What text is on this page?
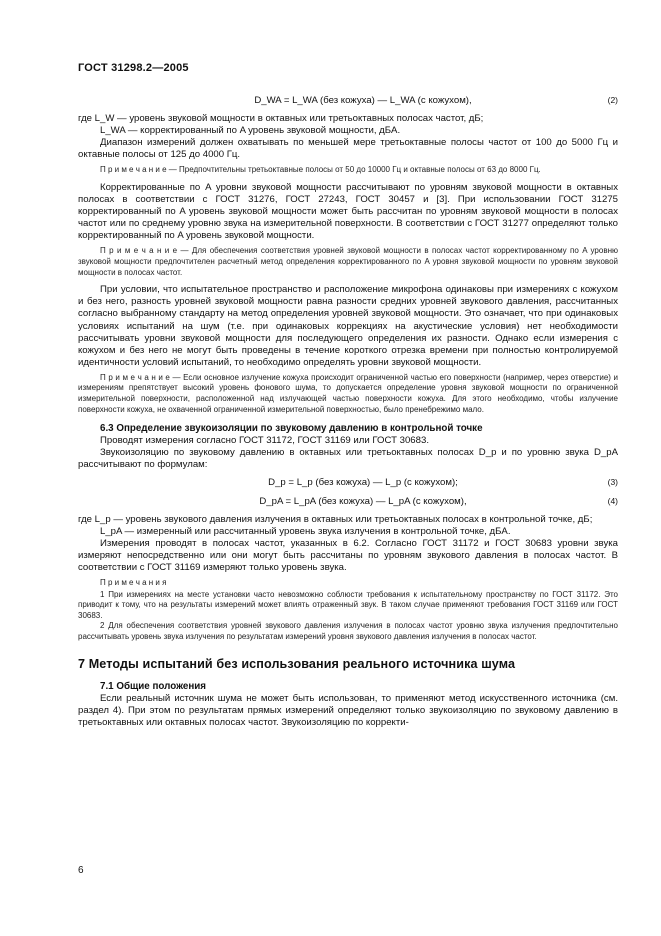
ГОСТ 31298.2—2005
D_WA = L_WA (без кожуха) — L_WA (с кожухом),	(2)

где L_W — уровень звуковой мощности в октавных или третьоктавных полосах частот, дБ;

L_WA — корректированный по A уровень звуковой мощности, дБA.

Диапазон измерений должен охватывать по меньшей мере третьоктавные полосы частот от 100 до 5000 Гц и октавные полосы от 125 до 4000 Гц.

П р и м е ч а н и е — Предпочтительны третьоктавные полосы от 50 до 10000 Гц и октавные полосы от 63 до 8000 Гц.

Корректированные по A уровни звуковой мощности рассчитывают по уровням звуковой мощности в октавных полосах в соответствии с ГОСТ 31276, ГОСТ 27243, ГОСТ 30457 и [3]. При использовании ГОСТ 31275 корректированный по A уровень звуковой мощности может быть рассчитан по уровням звуковой мощности в полосах частот или по среднему уровню звука на измерительной поверхности. В соответствии с ГОСТ 31277 определяют только корректированный по A уровень звуковой мощности.

П р и м е ч а н и е — Для обеспечения соответствия уровней звуковой мощности в полосах частот корректированному по A уровню звуковой мощности предпочтителен расчетный метод определения корректированного по A уровня звуковой мощности по уровням звуковой мощности в полосах частот.

При условии, что испытательное пространство и расположение микрофона одинаковы при измерениях с кожухом и без него, разность уровней звуковой мощности равна разности средних уровней звукового давления, рассчитанных согласно выбранному стандарту на метод определения уровней звуковой мощности. Это означает, что при одинаковых условиях испытаний на шум (т.е. при одинаковых коррекциях на акустические условия) нет необходимости рассчитывать уровни звуковой мощности для последующего определения их разности. Однако если измерения с кожухом и без него не могут быть проведены в течение короткого отрезка времени при полностью контролируемой идентичности условий испытаний, то необходимо определять уровни звуковой мощности.

П р и м е ч а н и е — Если основное излучение кожуха происходит ограниченной частью его поверхности (например, через отверстие) и измерениям препятствует высокий уровень фонового шума, то допускается определение уровня звуковой мощности по ограниченной измерительной поверхности, расположенной над излучающей частью поверхности кожуха. Для этого необходимо, чтобы излучение поверхности кожуха, не охваченной ограниченной измерительной поверхностью, было пренебрежимо мало.
6.3 Определение звукоизоляции по звуковому давлению в контрольной точке

Проводят измерения согласно ГОСТ 31172, ГОСТ 31169 или ГОСТ 30683.

Звукоизоляцию по звуковому давлению в октавных или третьоктавных полосах D_p и по уровню звука D_pA рассчитывают по формулам:

D_p = L_p (без кожуха) — L_p (с кожухом);	(3)
D_pA = L_pA (без кожуха) — L_pA (с кожухом),	(4)

где L_p — уровень звукового давления излучения в октавных или третьоктавных полосах в контрольной точке, дБ;

L_pA — измеренный или рассчитанный уровень звука излучения в контрольной точке, дБA.

Измерения проводят в полосах частот, указанных в 6.2. Согласно ГОСТ 31172 и ГОСТ 30683 уровни звука измеряют непосредственно или они могут быть рассчитаны по уровням звукового давления в полосах частот. В соответствии с ГОСТ 31169 измеряют только уровень звука.

П р и м е ч а н и я
1 При измерениях на месте установки часто невозможно соблюсти требования к испытательному пространству по ГОСТ 31172. Это приводит к тому, что на результаты измерений может влиять отраженный звук. В таком случае применяют требования ГОСТ 31169 или ГОСТ 30683.
2 Для обеспечения соответствия уровней звукового давления излучения в полосах частот уровню звука излучения предпочтительно рассчитывать уровень звука излучения по результатам измерений уровня звукового давления излучения в полосах частот.
7 Методы испытаний без использования реального источника шума
7.1 Общие положения

Если реальный источник шума не может быть использован, то применяют метод искусственного источника (см. раздел 4). При этом по результатам прямых измерений определяют только звукоизоляцию по звуковому давлению в третьоктавных или октавных полосах частот. Звукоизоляцию по корректи-

6
